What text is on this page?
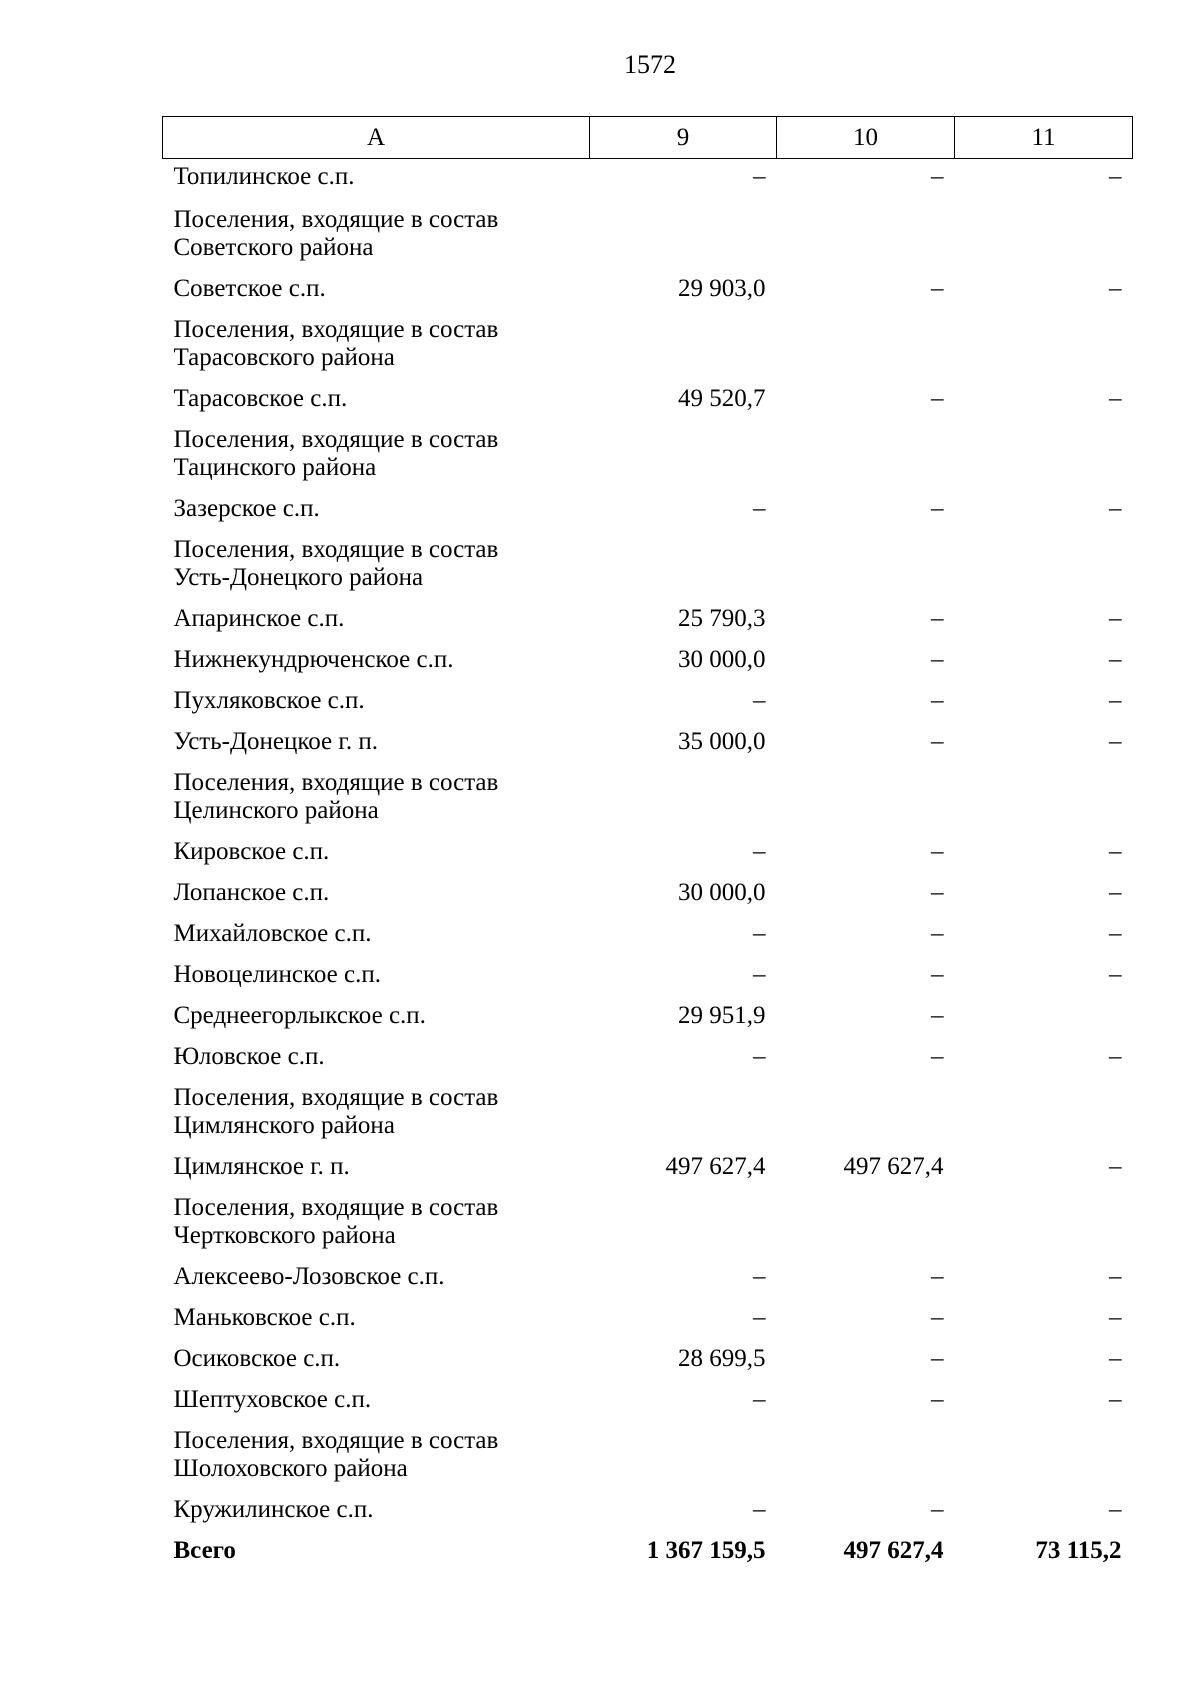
1572
А	9	10	11
Топилинское с.п.	–	–	–
Поселения, входящие в состав
Советского района			
Советское с.п.	29 903,0	–	–
Поселения, входящие в состав
Тарасовского района			
Тарасовское с.п.	49 520,7	–	–
Поселения, входящие в состав
Тацинского района			
Зазерское с.п.	–	–	–
Поселения, входящие в состав
Усть-Донецкого района			
Апаринское с.п.	25 790,3	–	–
Нижнекундрюченское с.п.	30 000,0	–	–
Пухляковское с.п.	–	–	–
Усть-Донецкое г. п.	35 000,0	–	–
Поселения, входящие в состав
Целинского района			
Кировское с.п.	–	–	–
Лопанское с.п.	30 000,0	–	–
Михайловское с.п.	–	–	–
Новоцелинское с.п.	–	–	–
Среднеегорлыкское с.п.	29 951,9	–	
Юловское с.п.	–	–	–
Поселения, входящие в состав
Цимлянского района			
Цимлянское г. п.	497 627,4	497 627,4	–
Поселения, входящие в состав
Чертковского района			
Алексеево-Лозовское с.п.	–	–	–
Маньковское с.п.	–	–	–
Осиковское с.п.	28 699,5	–	–
Шептуховское с.п.	–	–	–
Поселения, входящие в состав
Шолоховского района			
Кружилинское с.п.	–	–	–
Всего	1 367 159,5	497 627,4	73 115,2
